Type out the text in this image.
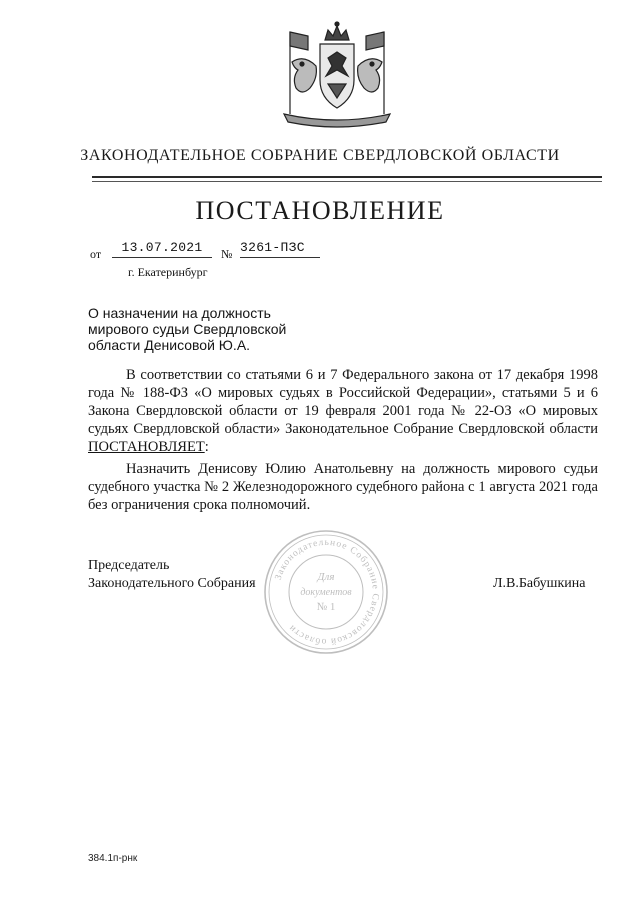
ЗАКОНОДАТЕЛЬНОЕ СОБРАНИЕ СВЕРДЛОВСКОЙ ОБЛАСТИ
ПОСТАНОВЛЕНИЕ
от	13.07.2021	№ 3261-ПЗС
г. Екатеринбург
О назначении на должность
мирового судьи Свердловской
области Денисовой Ю.А.

В соответствии со статьями 6 и 7 Федерального закона от 17 декабря 1998 года № 188-ФЗ «О мировых судьях в Российской Федерации», статьями 5 и 6 Закона Свердловской области от 19 февраля 2001 года № 22-ОЗ «О мировых судьях Свердловской области» Законодательное Собрание Свердловской области ПОСТАНОВЛЯЕТ:

Назначить Денисову Юлию Анатольевну на должность мирового судьи судебного участка № 2 Железнодорожного судебного района с 1 августа 2021 года без ограничения срока полномочий.

Законодательное Собрание Свердловской области
Для
документов
№ 1
Председатель
Законодательного Собрания	Л.В.Бабушкина
384.1п-рнк
